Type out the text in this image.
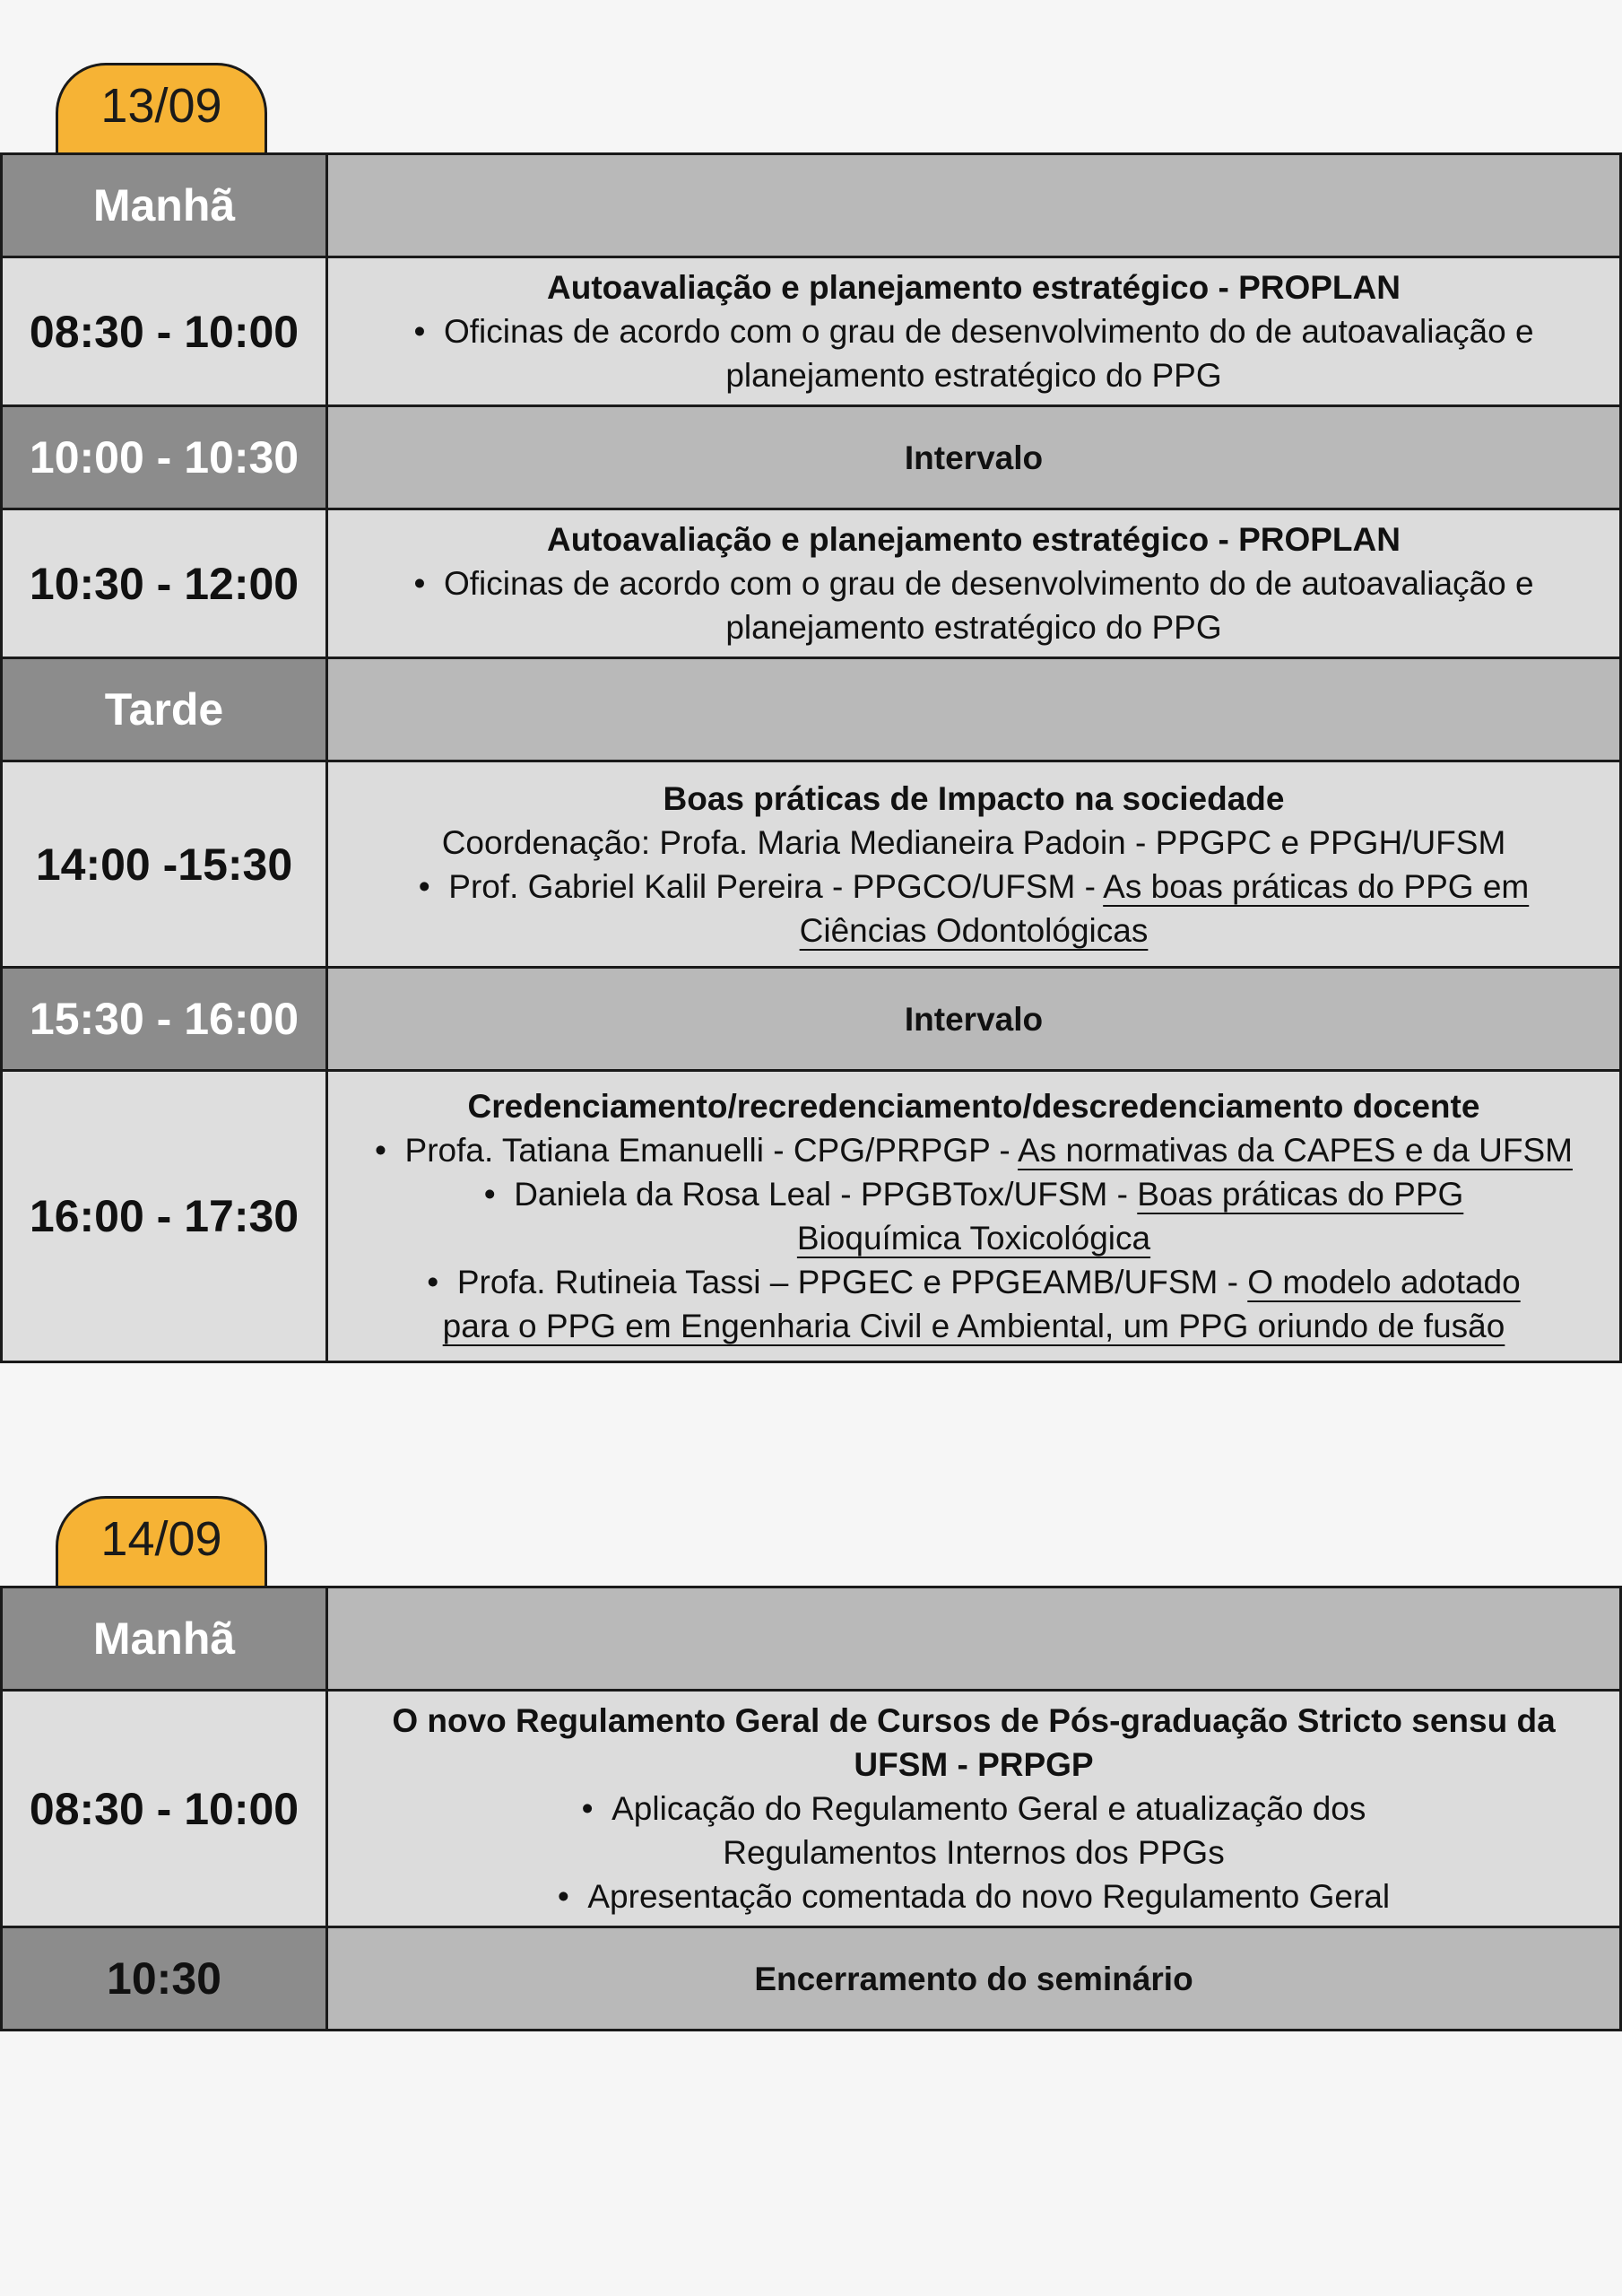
13/09
Manhã	
08:30 - 10:00	Autoavaliação e planejamento estratégico - PROPLAN
•  Oficinas de acordo com o grau de desenvolvimento do de autoavaliação e planejamento estratégico do PPG

10:00 - 10:30	Intervalo
10:30 - 12:00	Autoavaliação e planejamento estratégico - PROPLAN
•  Oficinas de acordo com o grau de desenvolvimento do de autoavaliação e planejamento estratégico do PPG

Tarde	
14:00 -15:30	Boas práticas de Impacto na sociedade
Coordenação: Profa. Maria Medianeira Padoin - PPGPC e PPGH/UFSM
•  Prof. Gabriel Kalil Pereira - PPGCO/UFSM - As boas práticas do PPG em Ciências Odontológicas

15:30 - 16:00	Intervalo
16:00 - 17:30	Credenciamento/recredenciamento/descredenciamento docente
•  Profa. Tatiana Emanuelli - CPG/PRPGP - As normativas da CAPES e da UFSM
•  Daniela da Rosa Leal - PPGBTox/UFSM - Boas práticas do PPG Bioquímica Toxicológica
•  Profa. Rutineia Tassi – PPGEC e PPGEAMB/UFSM - O modelo adotado para o PPG em Engenharia Civil e Ambiental, um PPG oriundo de fusão
14/09
Manhã	
08:30 - 10:00	O novo Regulamento Geral de Cursos de Pós-graduação Stricto sensu da UFSM - PRPGP
•  Aplicação do Regulamento Geral e atualização dos Regulamentos Internos dos PPGs
•  Apresentação comentada do novo Regulamento Geral

10:30	Encerramento do seminário
